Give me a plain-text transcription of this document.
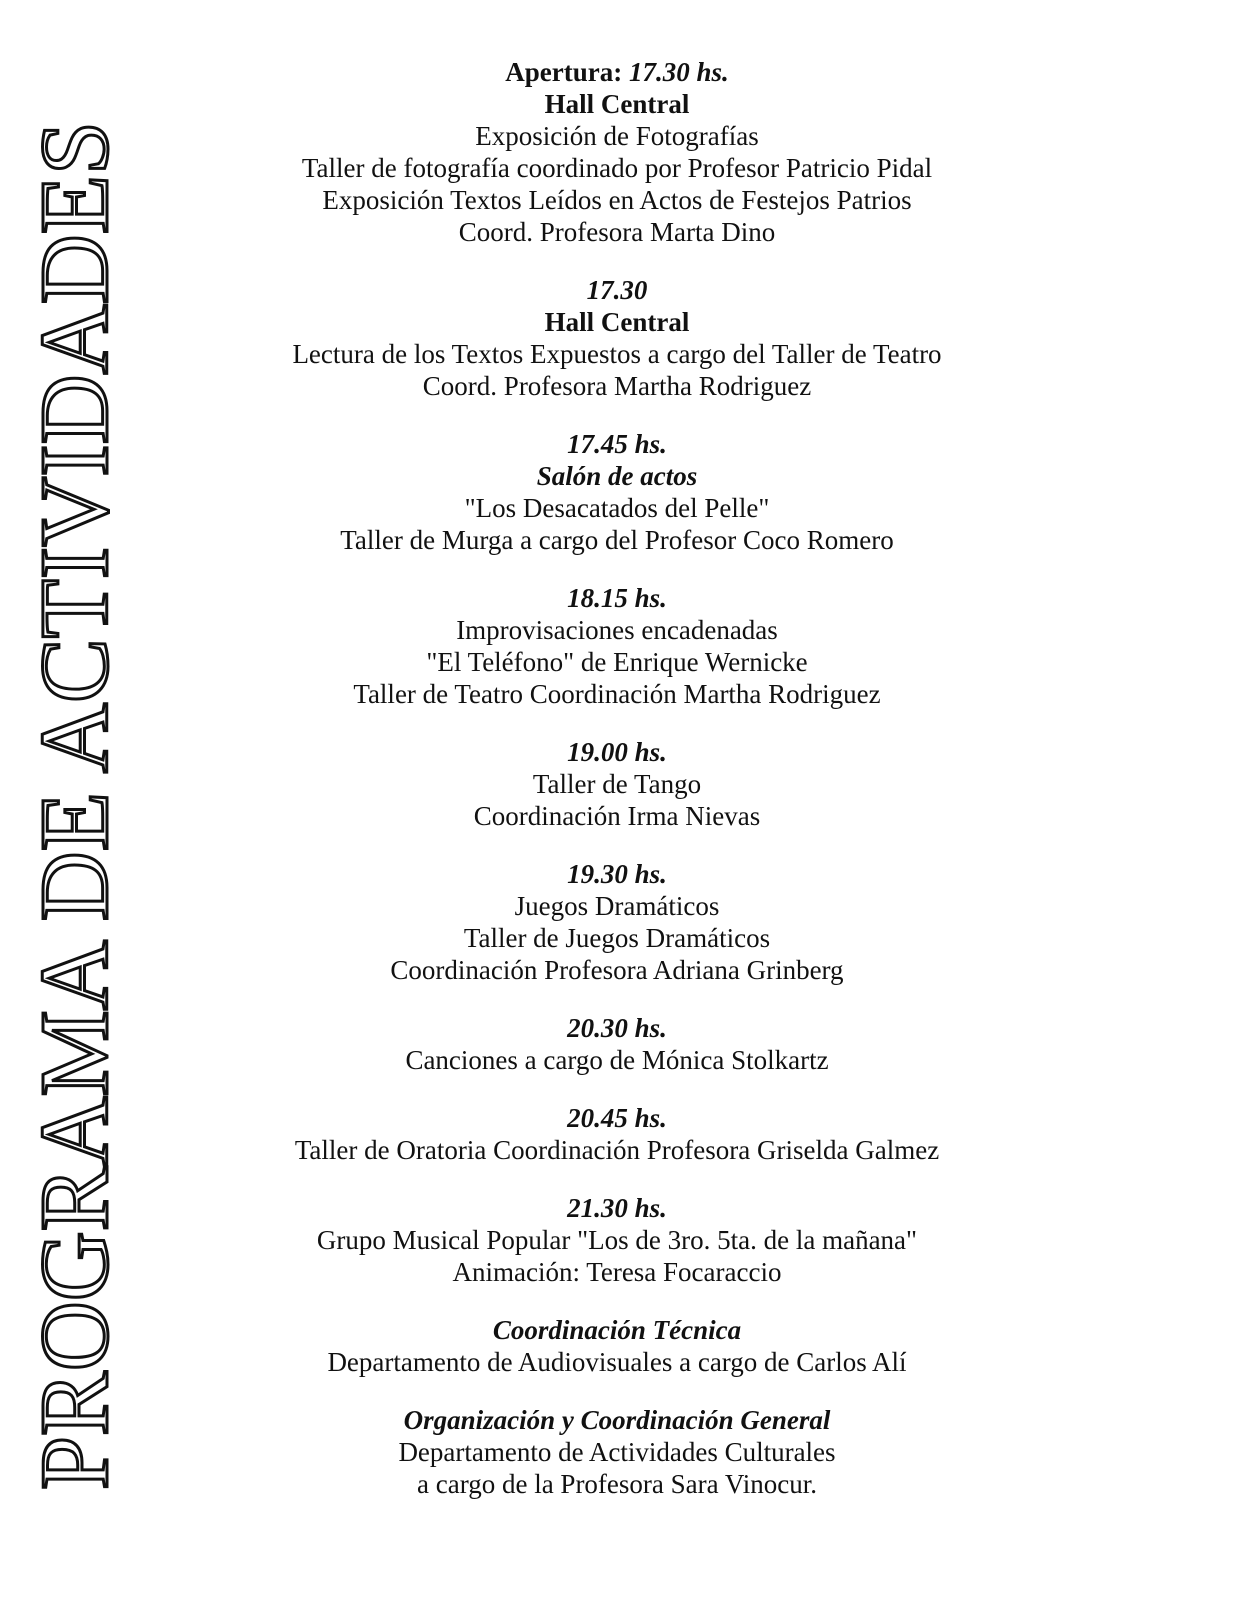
PROGRAMA DE ACTIVIDADES
Apertura: 17.30 hs.
Hall Central
Exposición de Fotografías
Taller de fotografía coordinado por Profesor Patricio Pidal
Exposición Textos Leídos en Actos de Festejos Patrios
Coord. Profesora Marta Dino
17.30
Hall Central
Lectura de los Textos Expuestos a cargo del Taller de Teatro
Coord. Profesora Martha Rodriguez
17.45 hs.
Salón de actos
"Los Desacatados del Pelle"
Taller de Murga a cargo del Profesor Coco Romero
18.15 hs.
Improvisaciones encadenadas
"El Teléfono" de Enrique Wernicke
Taller de Teatro Coordinación Martha Rodriguez
19.00 hs.
Taller de Tango
Coordinación Irma Nievas
19.30 hs.
Juegos Dramáticos
Taller de Juegos Dramáticos
Coordinación Profesora Adriana Grinberg
20.30 hs.
Canciones a cargo de Mónica Stolkartz
20.45 hs.
Taller de Oratoria Coordinación Profesora Griselda Galmez
21.30 hs.
Grupo Musical Popular "Los de 3ro. 5ta. de la mañana"
Animación: Teresa Focaraccio
Coordinación Técnica
Departamento de Audiovisuales a cargo de Carlos Alí
Organización y Coordinación General
Departamento de Actividades Culturales
a cargo de la Profesora Sara Vinocur.
